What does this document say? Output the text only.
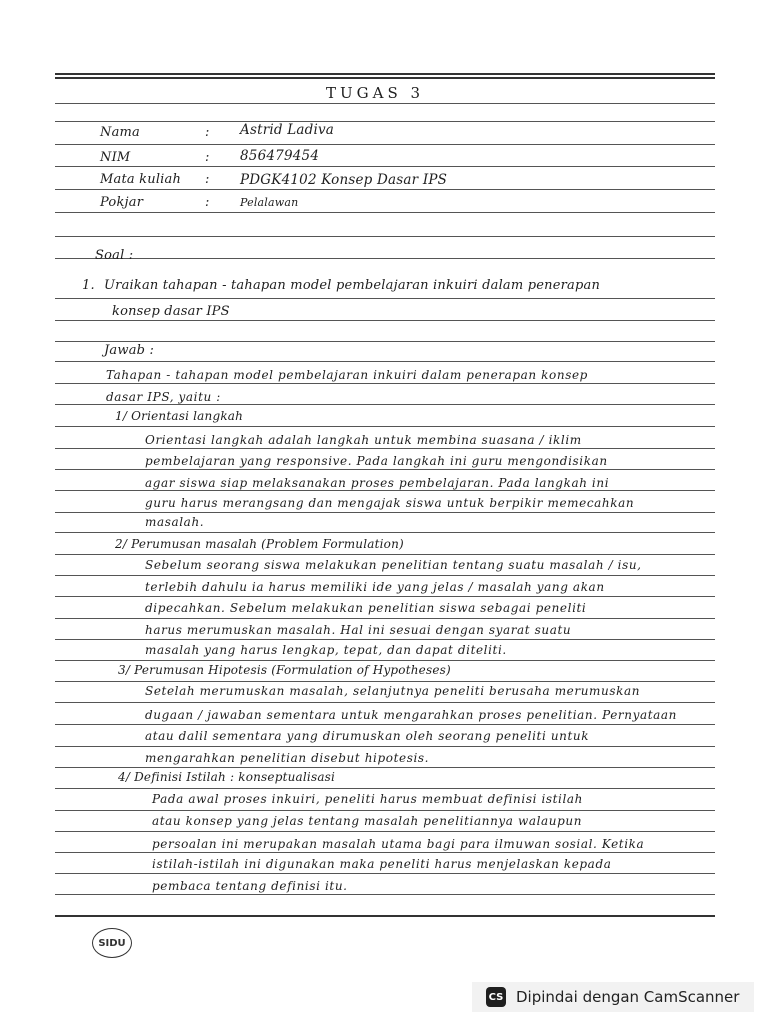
TUGAS 3
Nama	: Astrid Ladiva
NIM	: 856479454
Mata kuliah : PDGK4102 Konsep Dasar IPS
Pokjar	:	Pelalawan
Soal :
1. Uraikan tahapan - tahapan model pembelajaran inkuiri dalam penerapan
konsep dasar IPS
Jawab :
Tahapan - tahapan model pembelajaran inkuiri dalam penerapan konsep
dasar IPS, yaitu :
1/ Orientasi langkah
Orientasi langkah adalah langkah untuk membina suasana / iklim
pembelajaran yang responsive. Pada langkah ini guru mengondisikan
agar siswa siap melaksanakan proses pembelajaran. Pada langkah ini
guru harus merangsang dan mengajak siswa untuk berpikir memecahkan
masalah.
2/ Perumusan masalah (Problem Formulation)
Sebelum seorang siswa melakukan penelitian tentang suatu masalah / isu,
terlebih dahulu ia harus memiliki ide yang jelas / masalah yang akan
dipecahkan. Sebelum melakukan penelitian siswa sebagai peneliti
harus merumuskan masalah. Hal ini sesuai dengan syarat suatu
masalah yang harus lengkap, tepat, dan dapat diteliti.
3/ Perumusan Hipotesis (Formulation of Hypotheses)
Setelah merumuskan masalah, selanjutnya peneliti berusaha merumuskan
dugaan / jawaban sementara untuk mengarahkan proses penelitian. Pernyataan
atau dalil sementara yang dirumuskan oleh seorang peneliti untuk
mengarahkan penelitian disebut hipotesis.
4/ Definisi Istilah : konseptualisasi
Pada awal proses inkuiri, peneliti harus membuat definisi istilah
atau konsep yang jelas tentang masalah penelitiannya walaupun
persoalan ini merupakan masalah utama bagi para ilmuwan sosial. Ketika
istilah-istilah ini digunakan maka peneliti harus menjelaskan kepada
pembaca tentang definisi itu.
SIDU
CS Dipindai dengan CamScanner
